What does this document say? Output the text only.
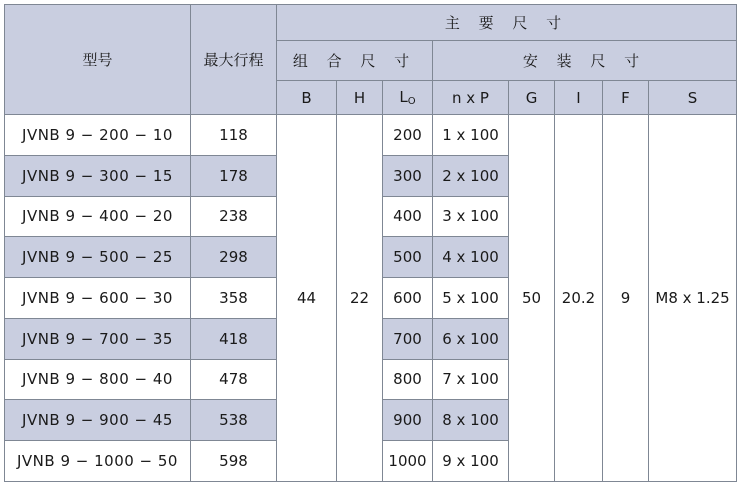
型号	最大行程	主 要 尺 寸							
		组 合 尺 寸			安 装 尺 寸				
		B	H	$L_O$	n x P	G	I	F	S
JVNB 9 − 200 − 10	118	44	22	200	1 x 100	50	20.2	9	M8 x 1.25
JVNB 9 − 300 − 15	178			300	2 x 100				
JVNB 9 − 400 − 20	238			400	3 x 100				
JVNB 9 − 500 − 25	298			500	4 x 100				
JVNB 9 − 600 − 30	358			600	5 x 100				
JVNB 9 − 700 − 35	418			700	6 x 100				
JVNB 9 − 800 − 40	478			800	7 x 100				
JVNB 9 − 900 − 45	538			900	8 x 100				
JVNB 9 − 1000 − 50	598			1000	9 x 100				
